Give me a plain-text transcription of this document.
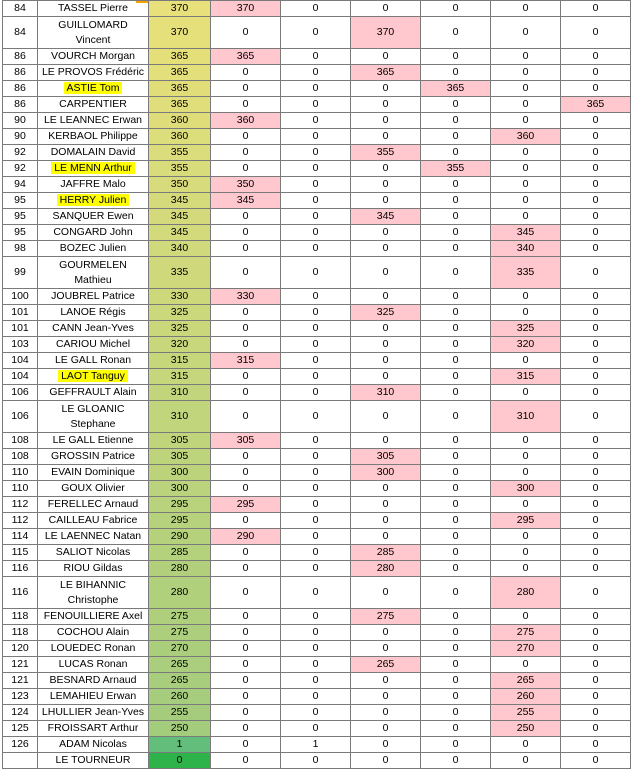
84	TASSEL Pierre	370	370	0	0	0	0	0
84	GUILLOMARD Vincent	370	0	0	370	0	0	0
86	VOURCH Morgan	365	365	0	0	0	0	0
86	LE PROVOS Frédéric	365	0	0	365	0	0	0
86	ASTIE Tom	365	0	0	0	365	0	0
86	CARPENTIER	365	0	0	0	0	0	365
90	LE LEANNEC Erwan	360	360	0	0	0	0	0
90	KERBAOL Philippe	360	0	0	0	0	360	0
92	DOMALAIN David	355	0	0	355	0	0	0
92	LE MENN Arthur	355	0	0	0	355	0	0
94	JAFFRE Malo	350	350	0	0	0	0	0
95	HERRY Julien	345	345	0	0	0	0	0
95	SANQUER Ewen	345	0	0	345	0	0	0
95	CONGARD John	345	0	0	0	0	345	0
98	BOZEC Julien	340	0	0	0	0	340	0
99	GOURMELEN Mathieu	335	0	0	0	0	335	0
100	JOUBREL Patrice	330	330	0	0	0	0	0
101	LANOE Régis	325	0	0	325	0	0	0
101	CANN Jean-Yves	325	0	0	0	0	325	0
103	CARIOU Michel	320	0	0	0	0	320	0
104	LE GALL Ronan	315	315	0	0	0	0	0
104	LAOT Tanguy	315	0	0	0	0	315	0
106	GEFFRAULT Alain	310	0	0	310	0	0	0
106	LE GLOANIC Stephane	310	0	0	0	0	310	0
108	LE GALL Etienne	305	305	0	0	0	0	0
108	GROSSIN Patrice	305	0	0	305	0	0	0
110	EVAIN Dominique	300	0	0	300	0	0	0
110	GOUX Olivier	300	0	0	0	0	300	0
112	FERELLEC Arnaud	295	295	0	0	0	0	0
112	CAILLEAU Fabrice	295	0	0	0	0	295	0
114	LE LAENNEC Natan	290	290	0	0	0	0	0
115	SALIOT Nicolas	285	0	0	285	0	0	0
116	RIOU Gildas	280	0	0	280	0	0	0
116	LE BIHANNIC Christophe	280	0	0	0	0	280	0
118	FENOUILLIERE Axel	275	0	0	275	0	0	0
118	COCHOU Alain	275	0	0	0	0	275	0
120	LOUEDEC Ronan	270	0	0	0	0	270	0
121	LUCAS Ronan	265	0	0	265	0	0	0
121	BESNARD Arnaud	265	0	0	0	0	265	0
123	LEMAHIEU Erwan	260	0	0	0	0	260	0
124	LHULLIER Jean-Yves	255	0	0	0	0	255	0
125	FROISSART Arthur	250	0	0	0	0	250	0
126	ADAM Nicolas	1	0	1	0	0	0	0
	LE TOURNEUR	0	0	0	0	0	0	0
